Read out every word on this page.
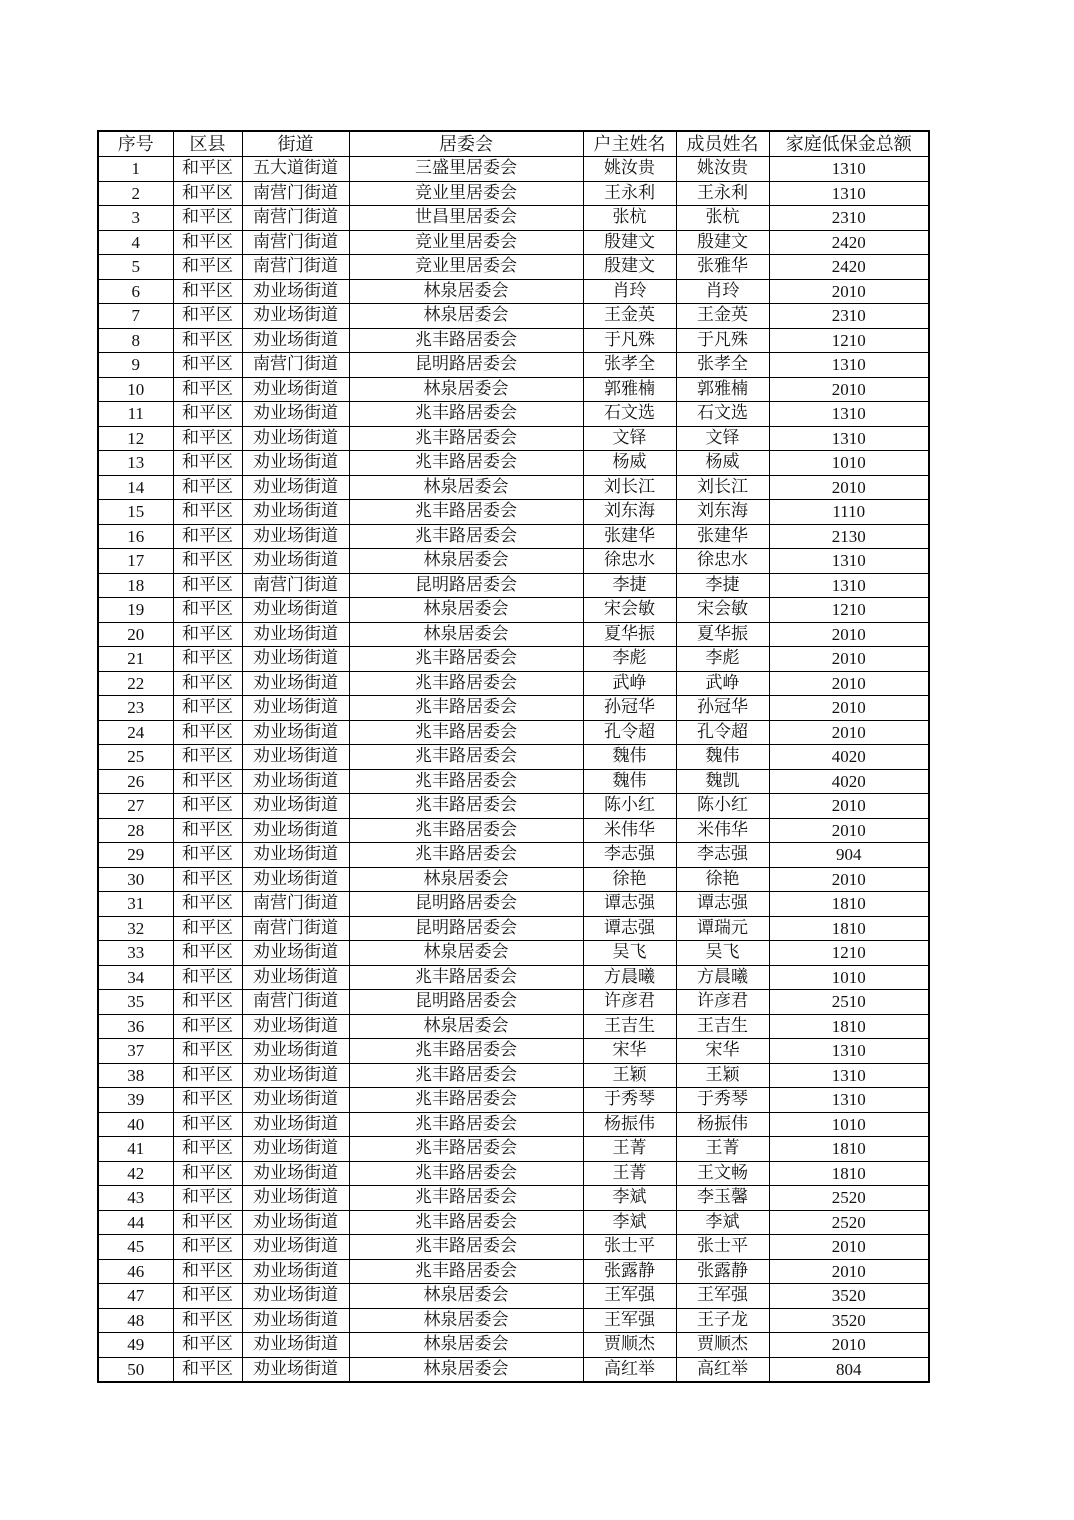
序号	区县	街道	居委会	户主姓名	成员姓名	家庭低保金总额
1	和平区	五大道街道	三盛里居委会	姚汝贵	姚汝贵	1310
2	和平区	南营门街道	竞业里居委会	王永利	王永利	1310
3	和平区	南营门街道	世昌里居委会	张杭	张杭	2310
4	和平区	南营门街道	竞业里居委会	殷建文	殷建文	2420
5	和平区	南营门街道	竞业里居委会	殷建文	张雅华	2420
6	和平区	劝业场街道	林泉居委会	肖玲	肖玲	2010
7	和平区	劝业场街道	林泉居委会	王金英	王金英	2310
8	和平区	劝业场街道	兆丰路居委会	于凡殊	于凡殊	1210
9	和平区	南营门街道	昆明路居委会	张孝全	张孝全	1310
10	和平区	劝业场街道	林泉居委会	郭雅楠	郭雅楠	2010
11	和平区	劝业场街道	兆丰路居委会	石文选	石文选	1310
12	和平区	劝业场街道	兆丰路居委会	文铎	文铎	1310
13	和平区	劝业场街道	兆丰路居委会	杨威	杨威	1010
14	和平区	劝业场街道	林泉居委会	刘长江	刘长江	2010
15	和平区	劝业场街道	兆丰路居委会	刘东海	刘东海	1110
16	和平区	劝业场街道	兆丰路居委会	张建华	张建华	2130
17	和平区	劝业场街道	林泉居委会	徐忠水	徐忠水	1310
18	和平区	南营门街道	昆明路居委会	李捷	李捷	1310
19	和平区	劝业场街道	林泉居委会	宋会敏	宋会敏	1210
20	和平区	劝业场街道	林泉居委会	夏华振	夏华振	2010
21	和平区	劝业场街道	兆丰路居委会	李彪	李彪	2010
22	和平区	劝业场街道	兆丰路居委会	武峥	武峥	2010
23	和平区	劝业场街道	兆丰路居委会	孙冠华	孙冠华	2010
24	和平区	劝业场街道	兆丰路居委会	孔令超	孔令超	2010
25	和平区	劝业场街道	兆丰路居委会	魏伟	魏伟	4020
26	和平区	劝业场街道	兆丰路居委会	魏伟	魏凯	4020
27	和平区	劝业场街道	兆丰路居委会	陈小红	陈小红	2010
28	和平区	劝业场街道	兆丰路居委会	米伟华	米伟华	2010
29	和平区	劝业场街道	兆丰路居委会	李志强	李志强	904
30	和平区	劝业场街道	林泉居委会	徐艳	徐艳	2010
31	和平区	南营门街道	昆明路居委会	谭志强	谭志强	1810
32	和平区	南营门街道	昆明路居委会	谭志强	谭瑞元	1810
33	和平区	劝业场街道	林泉居委会	吴飞	吴飞	1210
34	和平区	劝业场街道	兆丰路居委会	方晨曦	方晨曦	1010
35	和平区	南营门街道	昆明路居委会	许彦君	许彦君	2510
36	和平区	劝业场街道	林泉居委会	王吉生	王吉生	1810
37	和平区	劝业场街道	兆丰路居委会	宋华	宋华	1310
38	和平区	劝业场街道	兆丰路居委会	王颖	王颖	1310
39	和平区	劝业场街道	兆丰路居委会	于秀琴	于秀琴	1310
40	和平区	劝业场街道	兆丰路居委会	杨振伟	杨振伟	1010
41	和平区	劝业场街道	兆丰路居委会	王菁	王菁	1810
42	和平区	劝业场街道	兆丰路居委会	王菁	王文畅	1810
43	和平区	劝业场街道	兆丰路居委会	李斌	李玉馨	2520
44	和平区	劝业场街道	兆丰路居委会	李斌	李斌	2520
45	和平区	劝业场街道	兆丰路居委会	张士平	张士平	2010
46	和平区	劝业场街道	兆丰路居委会	张露静	张露静	2010
47	和平区	劝业场街道	林泉居委会	王军强	王军强	3520
48	和平区	劝业场街道	林泉居委会	王军强	王子龙	3520
49	和平区	劝业场街道	林泉居委会	贾顺杰	贾顺杰	2010
50	和平区	劝业场街道	林泉居委会	高红举	高红举	804
